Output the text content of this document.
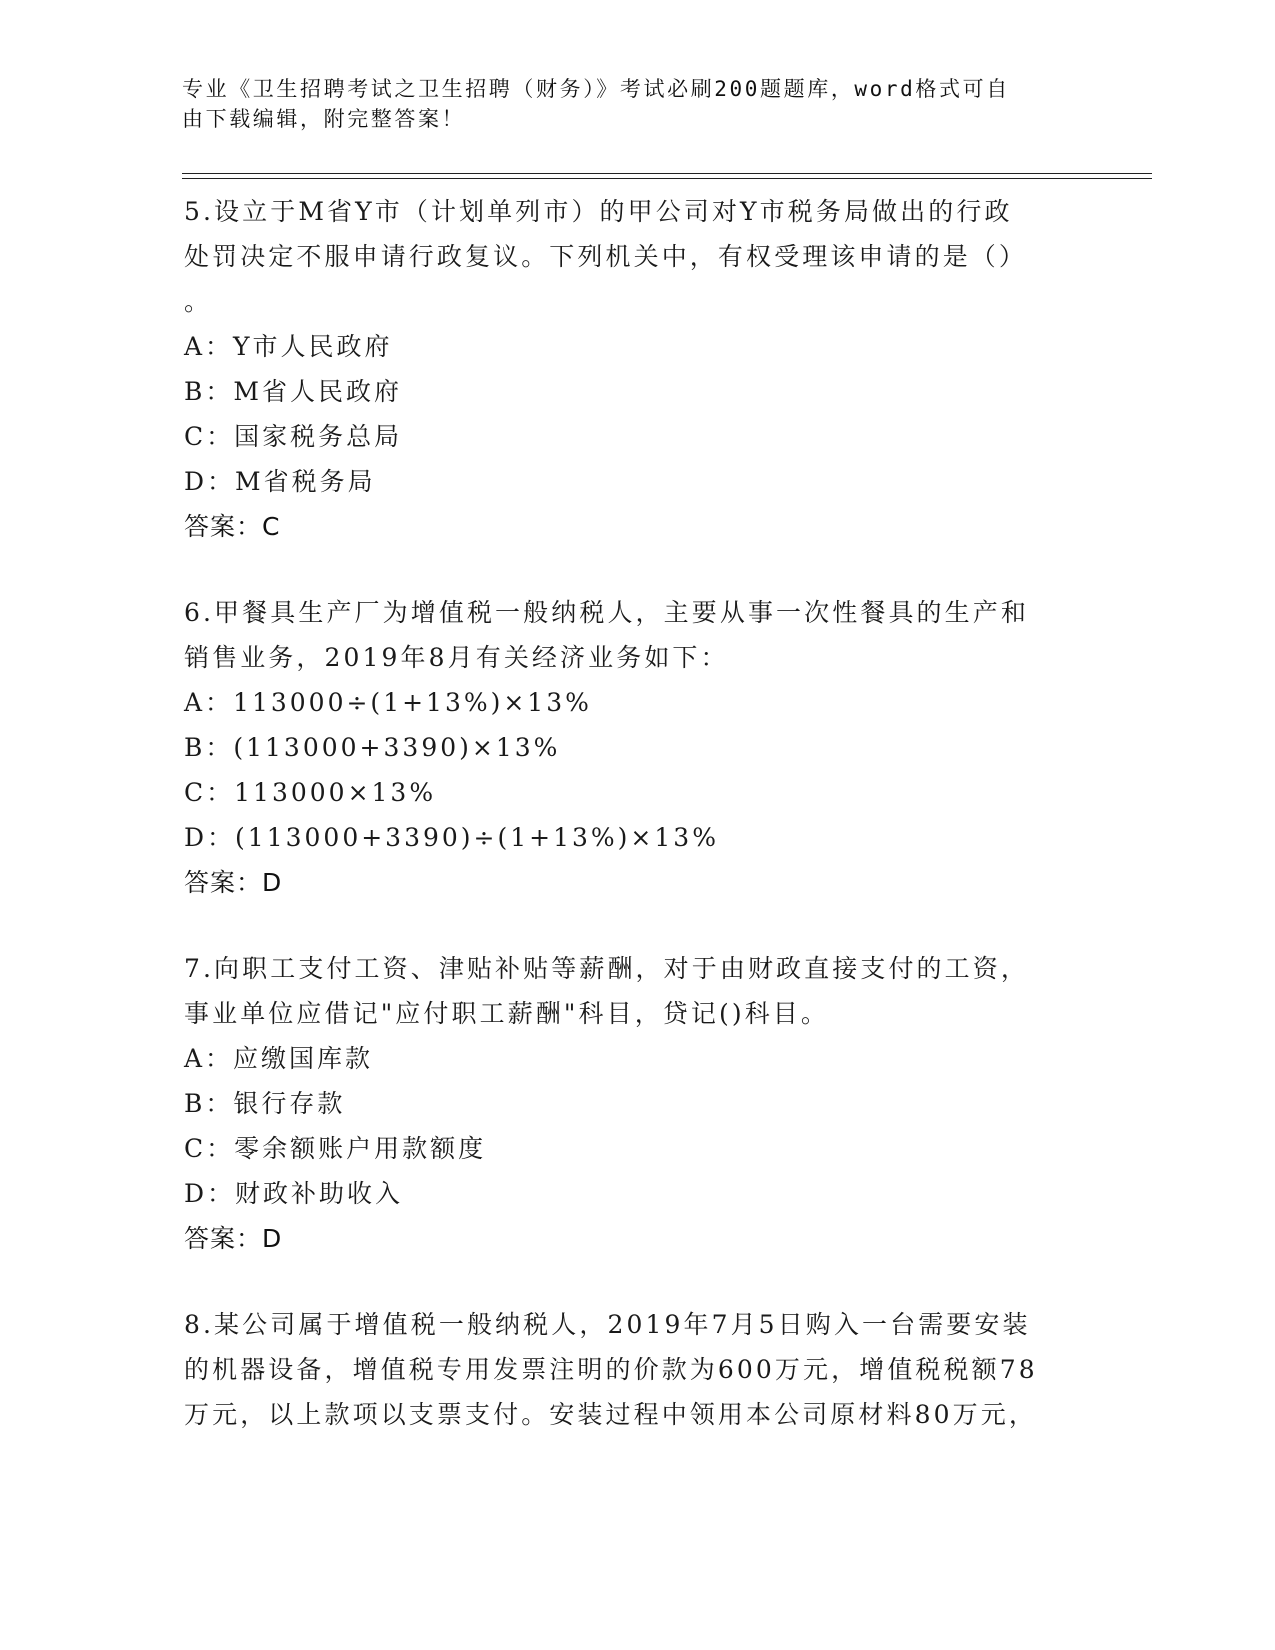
专业《卫生招聘考试之卫生招聘（财务）》考试必刷200题题库，word格式可自
由下载编辑，附完整答案！
5.设立于M省Y市（计划单列市）的甲公司对Y市税务局做出的行政
处罚决定不服申请行政复议。下列机关中，有权受理该申请的是（）
。
A：Y市人民政府
B：M省人民政府
C：国家税务总局
D：M省税务局
答案：C
6.甲餐具生产厂为增值税一般纳税人，主要从事一次性餐具的生产和
销售业务，2019年8月有关经济业务如下：
A：113000÷(1+13%)×13%
B：(113000+3390)×13%
C：113000×13%
D：(113000+3390)÷(1+13%)×13%
答案：D
7.向职工支付工资、津贴补贴等薪酬，对于由财政直接支付的工资，
事业单位应借记"应付职工薪酬"科目，贷记()科目。
A：应缴国库款
B：银行存款
C：零余额账户用款额度
D：财政补助收入
答案：D
8.某公司属于增值税一般纳税人，2019年7月5日购入一台需要安装
的机器设备，增值税专用发票注明的价款为600万元，增值税税额78
万元，以上款项以支票支付。安装过程中领用本公司原材料80万元，
